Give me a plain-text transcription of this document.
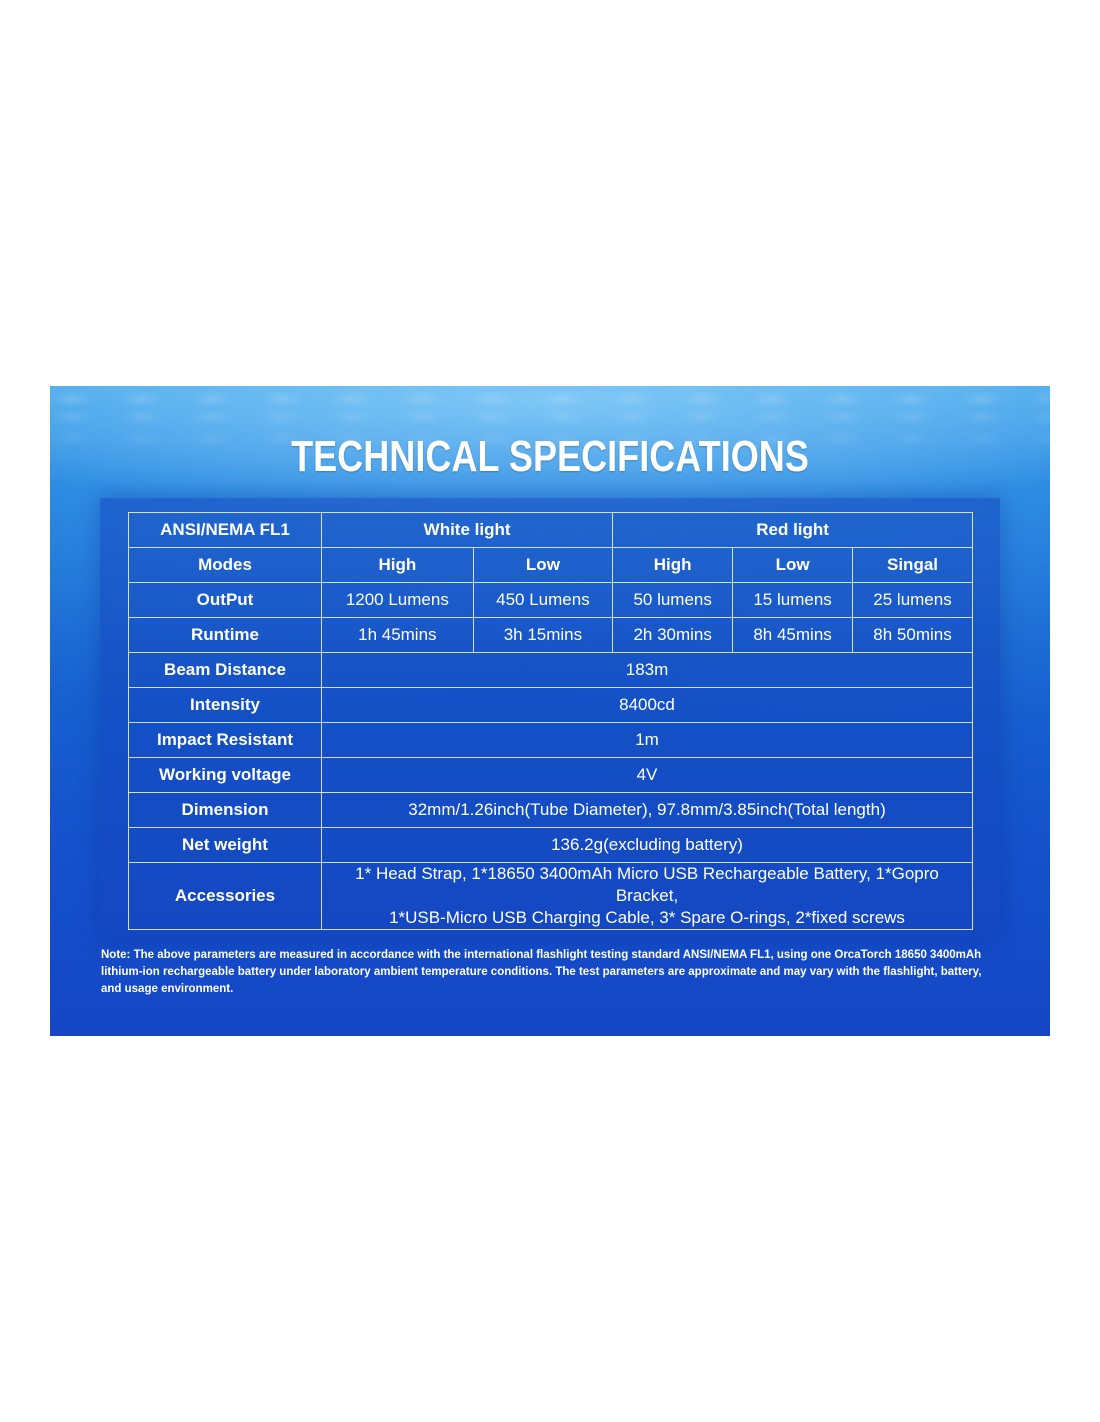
TECHNICAL SPECIFICATIONS
ANSI/NEMA FL1	White light		Red light		
Modes	High	Low	High	Low	Singal
OutPut	1200 Lumens	450 Lumens	50 lumens	15 lumens	25 lumens
Runtime	1h 45mins	3h 15mins	2h 30mins	8h 45mins	8h 50mins
Beam Distance	183m				
Intensity	8400cd				
Impact Resistant	1m				
Working voltage	4V				
Dimension	32mm/1.26inch(Tube Diameter), 97.8mm/3.85inch(Total length)				
Net weight	136.2g(excluding battery)				
Accessories	1* Head Strap, 1*18650 3400mAh Micro USB Rechargeable Battery, 1*Gopro Bracket,
1*USB-Micro USB Charging Cable, 3* Spare O-rings, 2*fixed screws				
Note: The above parameters are measured in accordance with the international flashlight testing standard ANSI/NEMA FL1, using one OrcaTorch 18650 3400mAh lithium-ion rechargeable battery under laboratory ambient temperature conditions. The test parameters are approximate and may vary with the flashlight, battery, and usage environment.
